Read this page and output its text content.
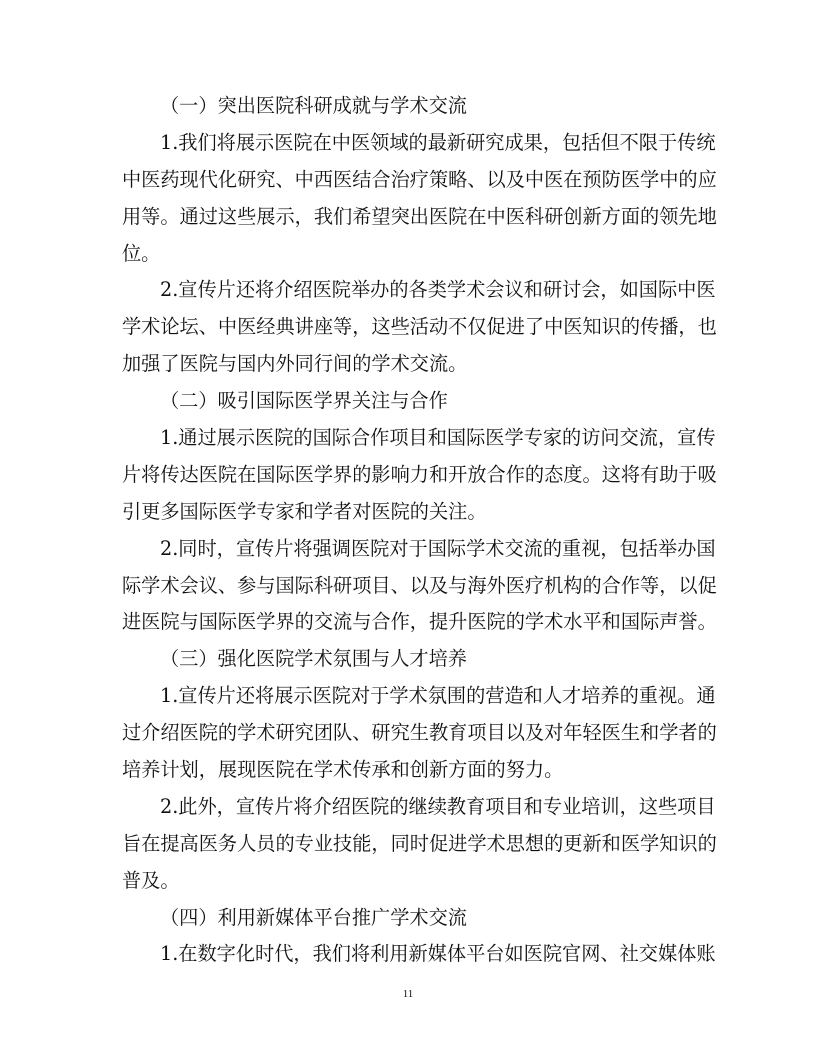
（一）突出医院科研成就与学术交流
1.我们将展示医院在中医领域的最新研究成果，包括但不限于传统
中医药现代化研究、中西医结合治疗策略、以及中医在预防医学中的应
用等。通过这些展示，我们希望突出医院在中医科研创新方面的领先地
位。
2.宣传片还将介绍医院举办的各类学术会议和研讨会，如国际中医
学术论坛、中医经典讲座等，这些活动不仅促进了中医知识的传播，也
加强了医院与国内外同行间的学术交流。
（二）吸引国际医学界关注与合作
1.通过展示医院的国际合作项目和国际医学专家的访问交流，宣传
片将传达医院在国际医学界的影响力和开放合作的态度。这将有助于吸
引更多国际医学专家和学者对医院的关注。
2.同时，宣传片将强调医院对于国际学术交流的重视，包括举办国
际学术会议、参与国际科研项目、以及与海外医疗机构的合作等，以促
进医院与国际医学界的交流与合作，提升医院的学术水平和国际声誉。
（三）强化医院学术氛围与人才培养
1.宣传片还将展示医院对于学术氛围的营造和人才培养的重视。通
过介绍医院的学术研究团队、研究生教育项目以及对年轻医生和学者的
培养计划，展现医院在学术传承和创新方面的努力。
2.此外，宣传片将介绍医院的继续教育项目和专业培训，这些项目
旨在提高医务人员的专业技能，同时促进学术思想的更新和医学知识的
普及。
（四）利用新媒体平台推广学术交流
1.在数字化时代，我们将利用新媒体平台如医院官网、社交媒体账
11
